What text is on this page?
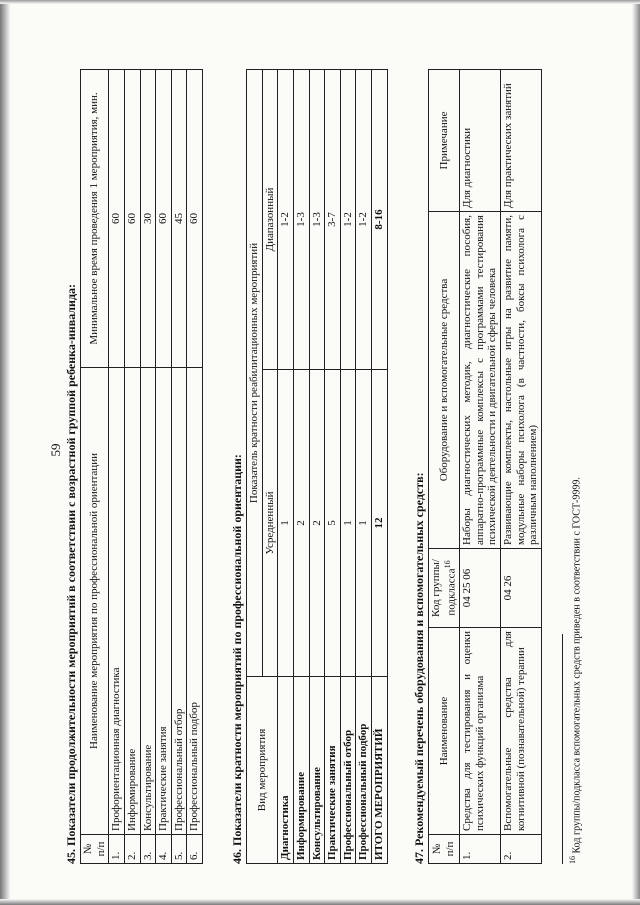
59 45. Показатели продолжительности мероприятий в соответствии с возрастной группой ребенка-инвалида: № п/п	Наименование мероприятия по профессиональной ориентации	Минимальное время проведения 1 мероприятия, мин.
1.	Профориентационная диагностика	60
2.	Информирование	60
3.	Консультирование	30
4.	Практические занятия	60
5.	Профессиональный отбор	45
6.	Профессиональный подбор	60
46. Показатели кратности мероприятий по профессиональной ориентации: Вид мероприятия	Показатель кратности реабилитационных мероприятий	
	Усредненный	Диапазонный
Диагностика	1	1-2
Информирование	2	1-3
Консультирование	2	1-3
Практические занятия	5	3-7
Профессиональный отбор	1	1-2
Профессиональный подбор	1	1-2
ИТОГО МЕРОПРИЯТИЙ	12	8-16
47. Рекомендуемый перечень оборудования и вспомогательных средств: № п/п	Наименование	Код группы/ подкласса$^{16}$	Оборудование и вспомогательные средства	Примечание
1.	Средства для тестирования и оценки психических функций организма	04 25 06	Наборы диагностических методик, диагностические пособия, аппаратно-программные комплексы с программами тестирования психической деятельности и двигательной сферы человека	Для диагностики
2.	Вспомогательные средства для когнитивной (познавательной) терапии	04 26	Развивающие комплекты, настольные игры на развитие памяти, модульные наборы психолога (в частности, боксы психолога с различным наполнением)	Для практических занятий
$^{16}$ Код группы/подкласса вспомогательных средств приведен в соответствии с ГОСТ-9999.
